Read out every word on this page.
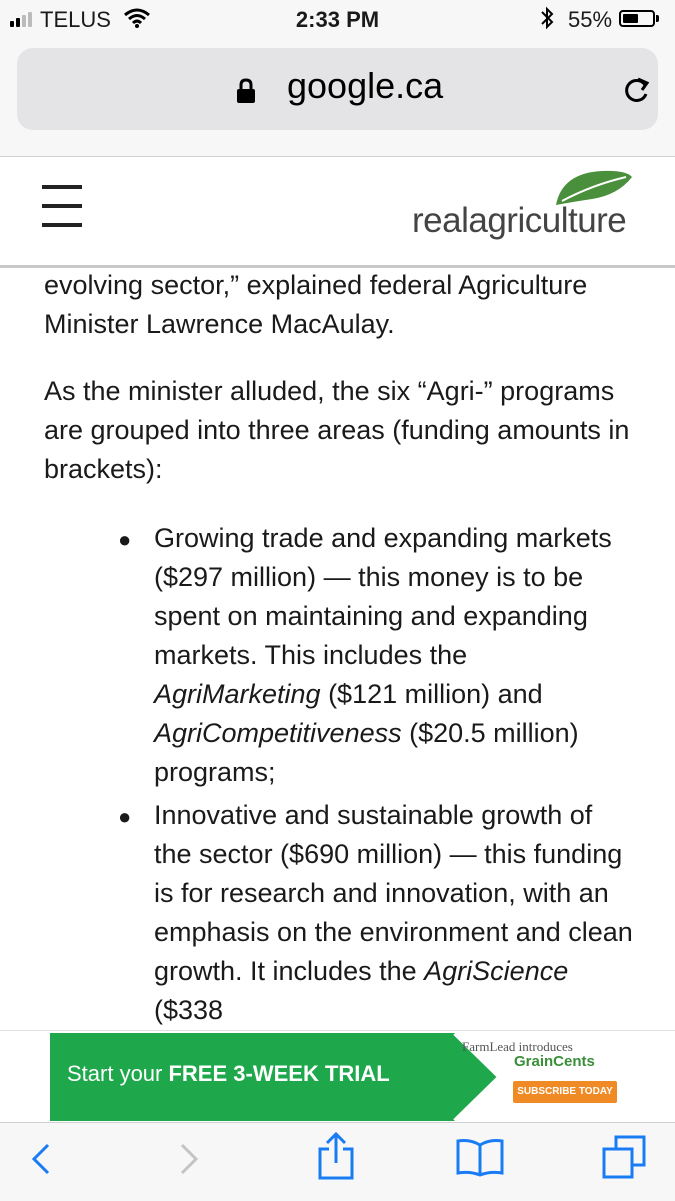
TELUS	2:33 PM	55%
google.ca
realagriculture

evolving sector,” explained federal Agriculture Minister Lawrence MacAulay.

As the minister alluded, the six “Agri-” programs are grouped into three areas (funding amounts in brackets):

● Growing trade and expanding markets ($297 million) — this money is to be spent on maintaining and expanding markets. This includes the AgriMarketing ($121 million) and AgriCompetitiveness ($20.5 million) programs;

● Innovative and sustainable growth of the sector ($690 million) — this funding is for research and innovation, with an emphasis on the environment and clean growth. It includes the AgriScience ($338

Start your FREE 3-WEEK TRIAL
FarmLead introduces
GrainCents
SUBSCRIBE TODAY
